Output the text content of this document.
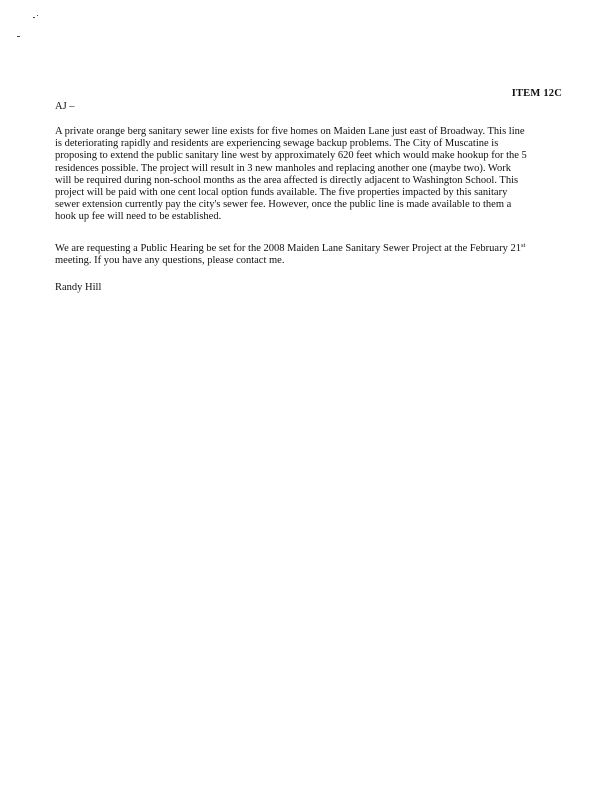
ITEM 12C
AJ –
A private orange berg sanitary sewer line exists for five homes on Maiden Lane just east of Broadway. This line
is deteriorating rapidly and residents are experiencing sewage backup problems. The City of Muscatine is
proposing to extend the public sanitary line west by approximately 620 feet which would make hookup for the 5
residences possible. The project will result in 3 new manholes and replacing another one (maybe two). Work
will be required during non-school months as the area affected is directly adjacent to Washington School. This
project will be paid with one cent local option funds available. The five properties impacted by this sanitary
sewer extension currently pay the city's sewer fee. However, once the public line is made available to them a
hook up fee will need to be established.
We are requesting a Public Hearing be set for the 2008 Maiden Lane Sanitary Sewer Project at the February 21st
meeting. If you have any questions, please contact me.
Randy Hill
